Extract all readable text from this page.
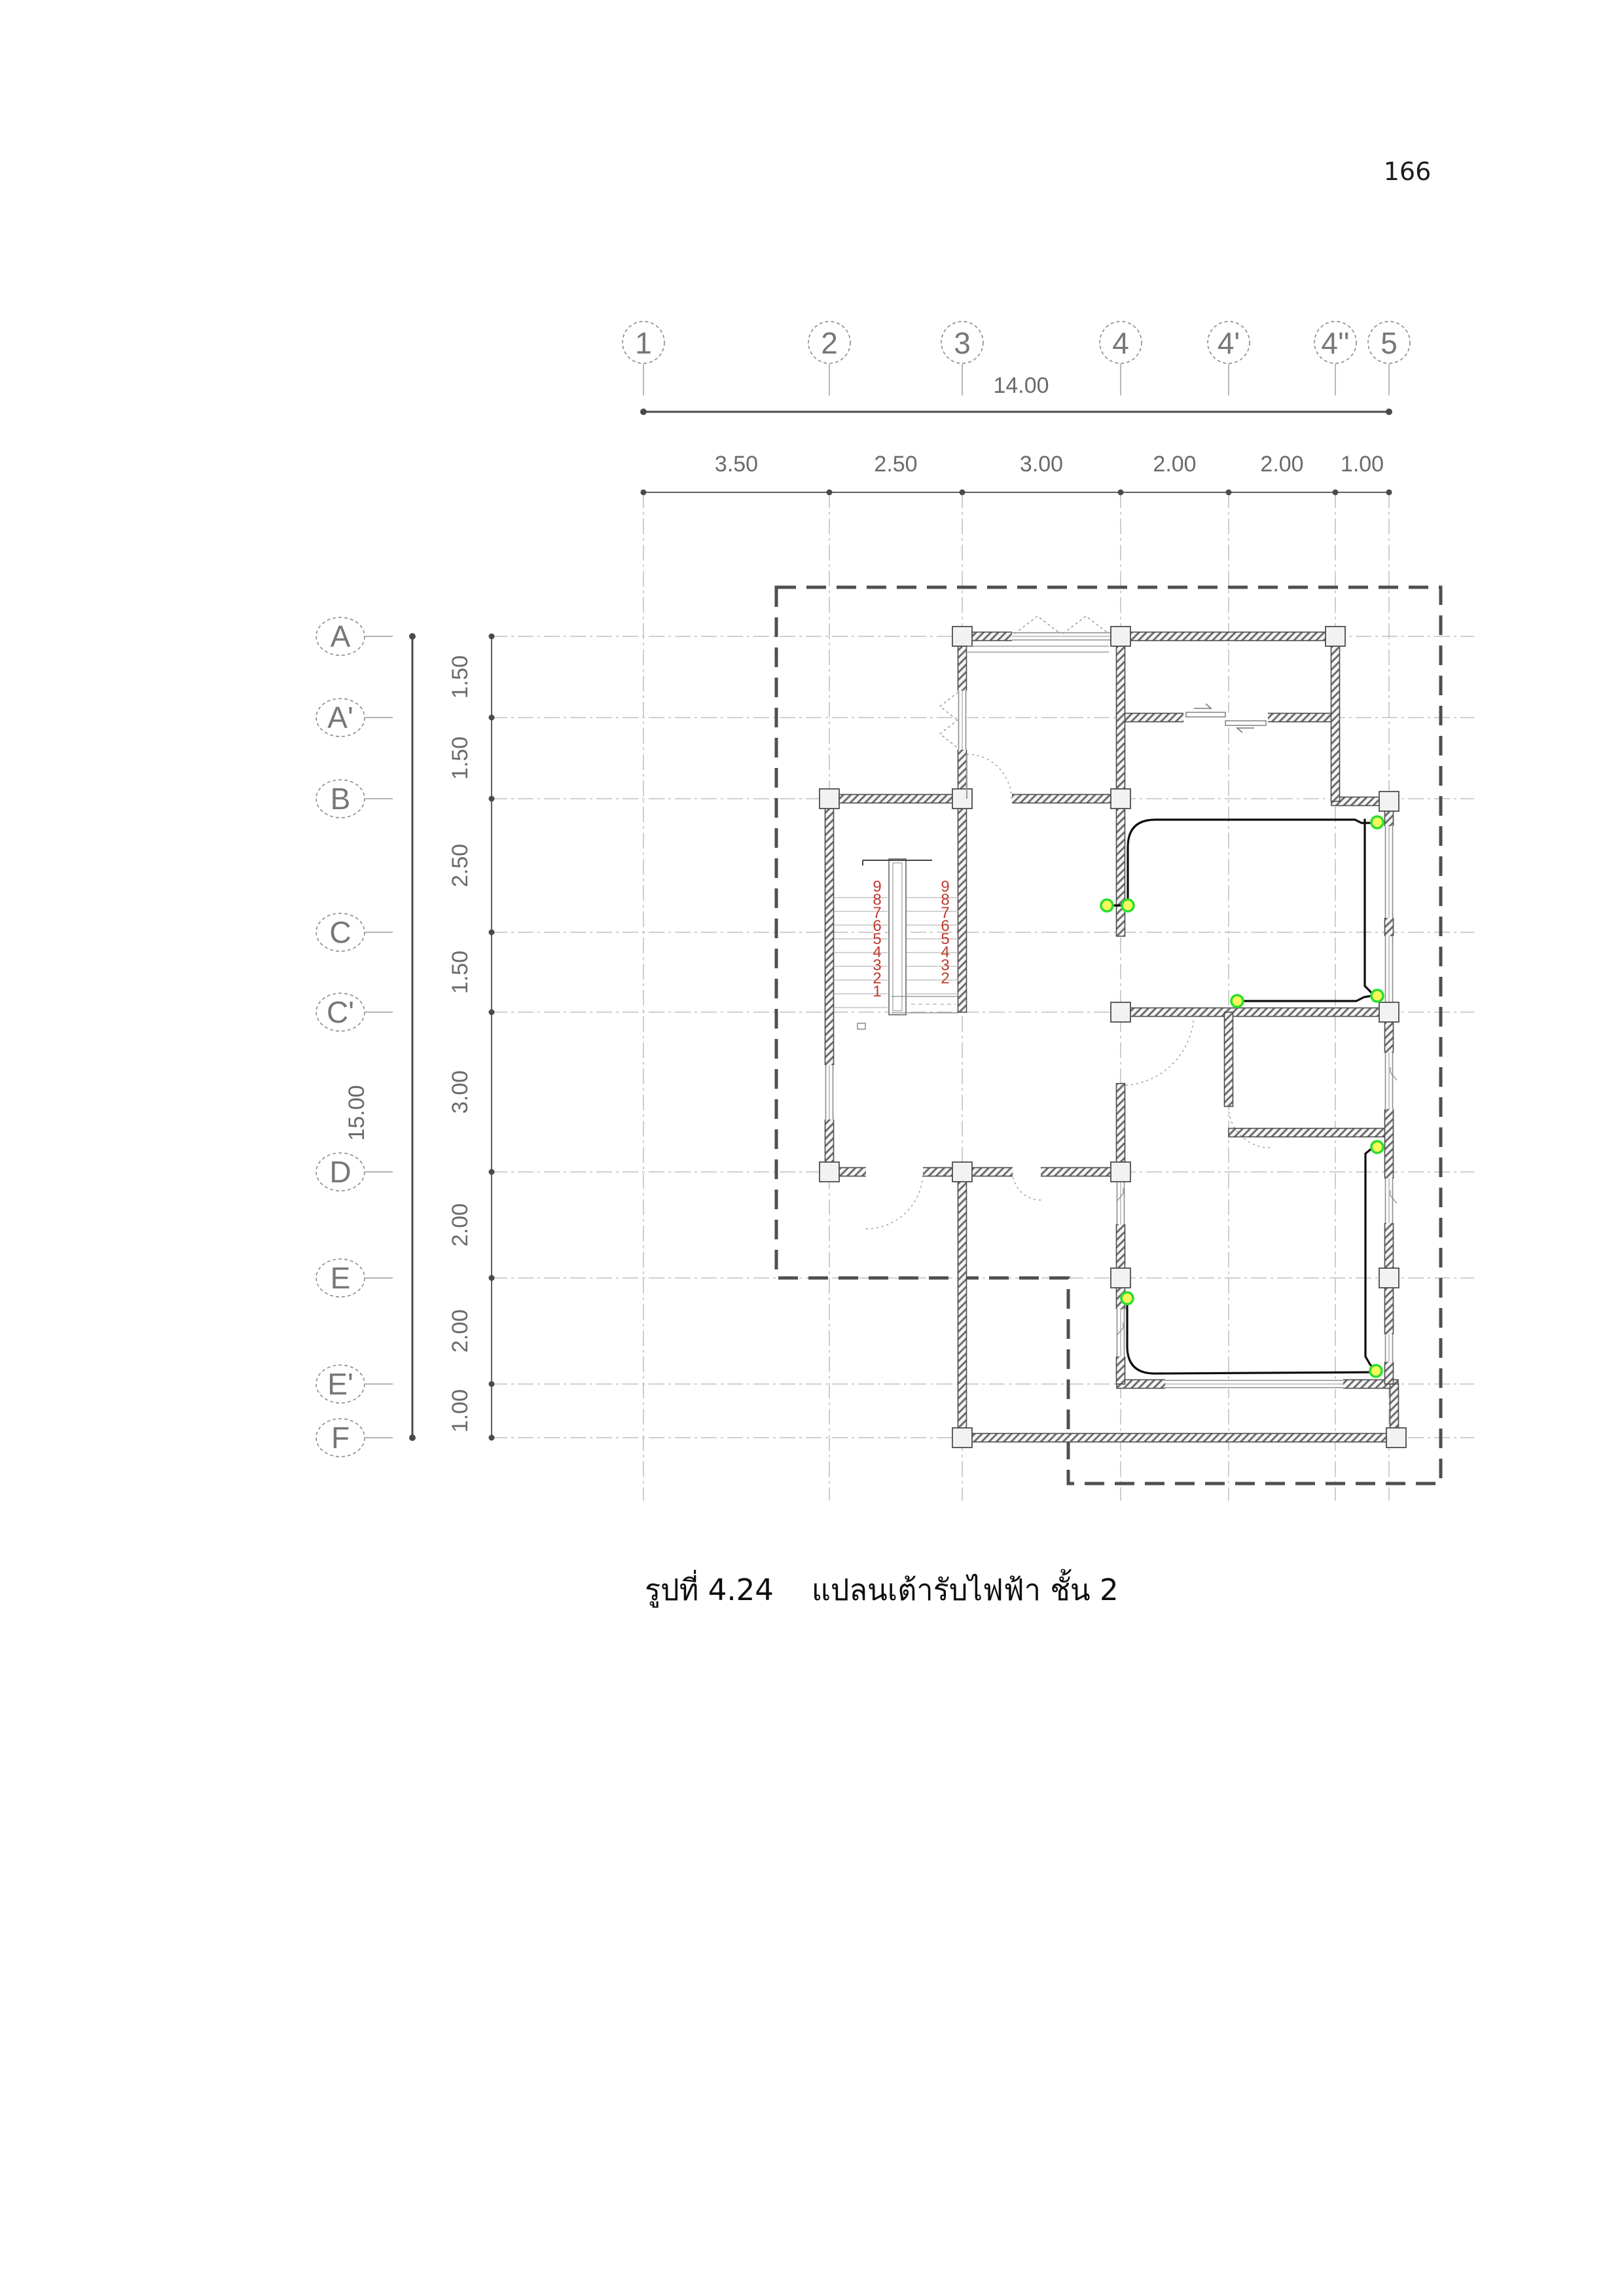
166
1	2	3	4	4'	4'' 5
14.00
3.50	2.50	3.00	2.00	2.00 1.00
A
A'
B
C
C'
D
E
E'
F
15.00
1.50
1.50
2.50
1.50
3.00
2.00
2.00
1.00
9
8
7
6
5
4
3
2
1
9
8
7
6
5
4
3
2
รูปที่ 4.24 แปลนเต้ารับไฟฟ้า ชั้น 2
